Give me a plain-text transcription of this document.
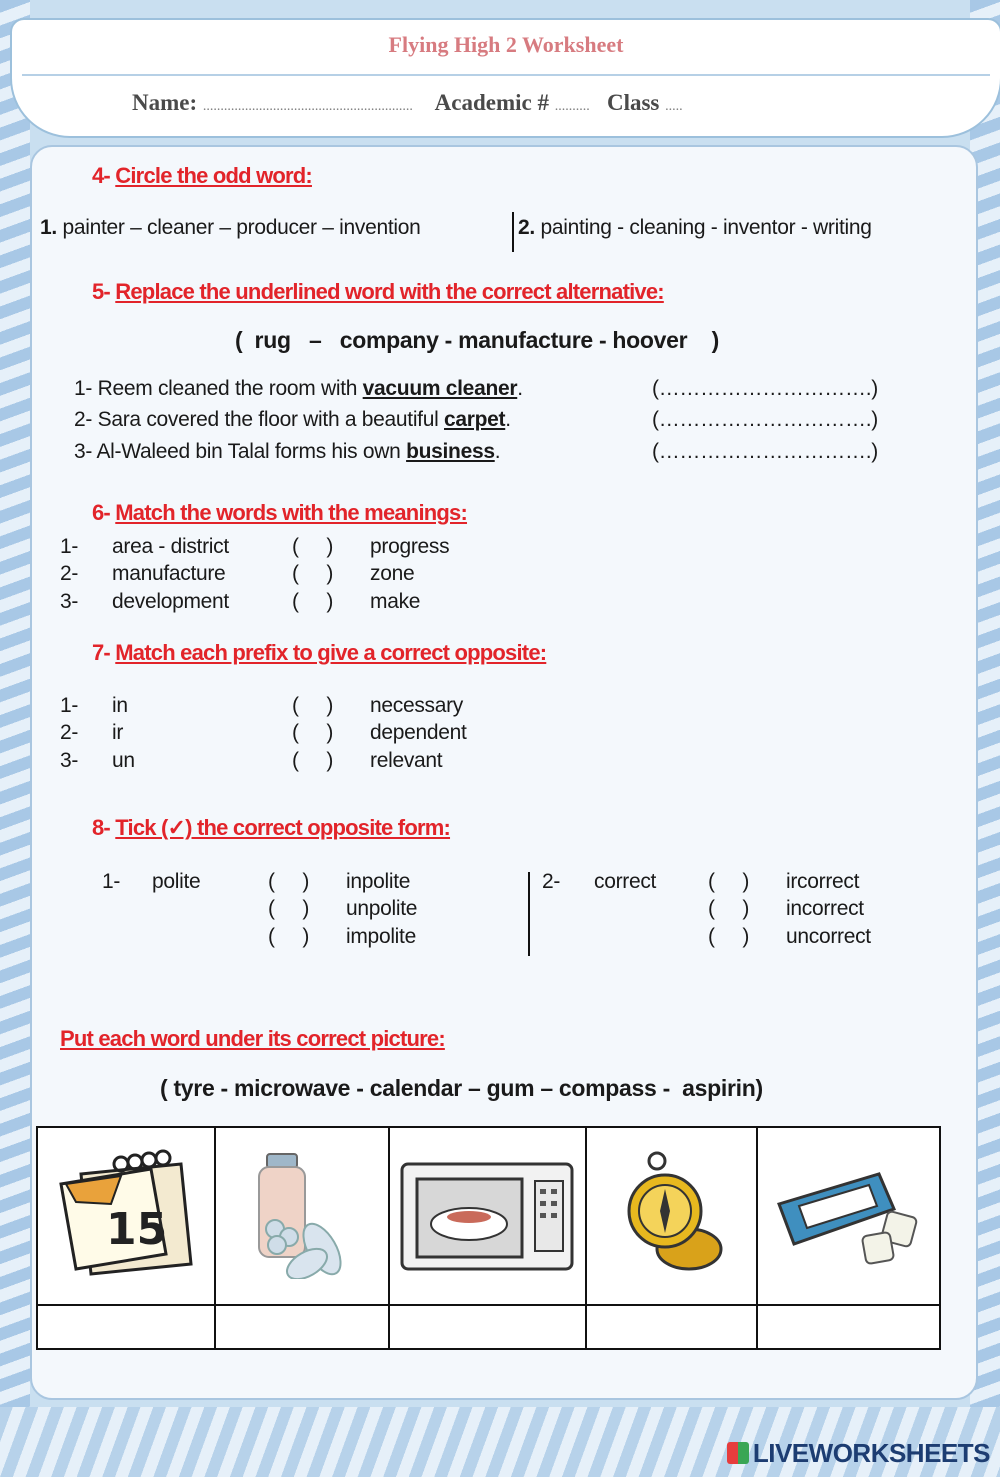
Flying High 2 Worksheet
Name: ............................................................ Academic # .......... Class .....
4- Circle the odd word:
1. painter – cleaner – producer – invention	2. painting - cleaning - inventor - writing
5- Replace the underlined word with the correct alternative:
(  rug   –   company - manufacture - hoover    )
1- Reem cleaned the room with vacuum cleaner.	(………………………….)
2- Sara covered the floor with a beautiful carpet.	(………………………….)
3- Al-Waleed bin Talal forms his own business.	(………………………….)
6- Match the words with the meanings:
1- area - district	(     ) progress
2- manufacture	(     ) zone
3- development	(     ) make
7- Match each prefix to give a correct opposite:
1- in	(     ) necessary
2- ir	(     ) dependent
3- un	(     ) relevant
8- Tick (✓) the correct opposite form:
1- polite	(     ) inpolite
(     ) unpolite
(     ) impolite
2- correct (     ) ircorrect
(     ) incorrect
(     ) uncorrect
Put each word under its correct picture:
( tyre - microwave - calendar – gum – compass -  aspirin)
15

LIVEWORKSHEETS
